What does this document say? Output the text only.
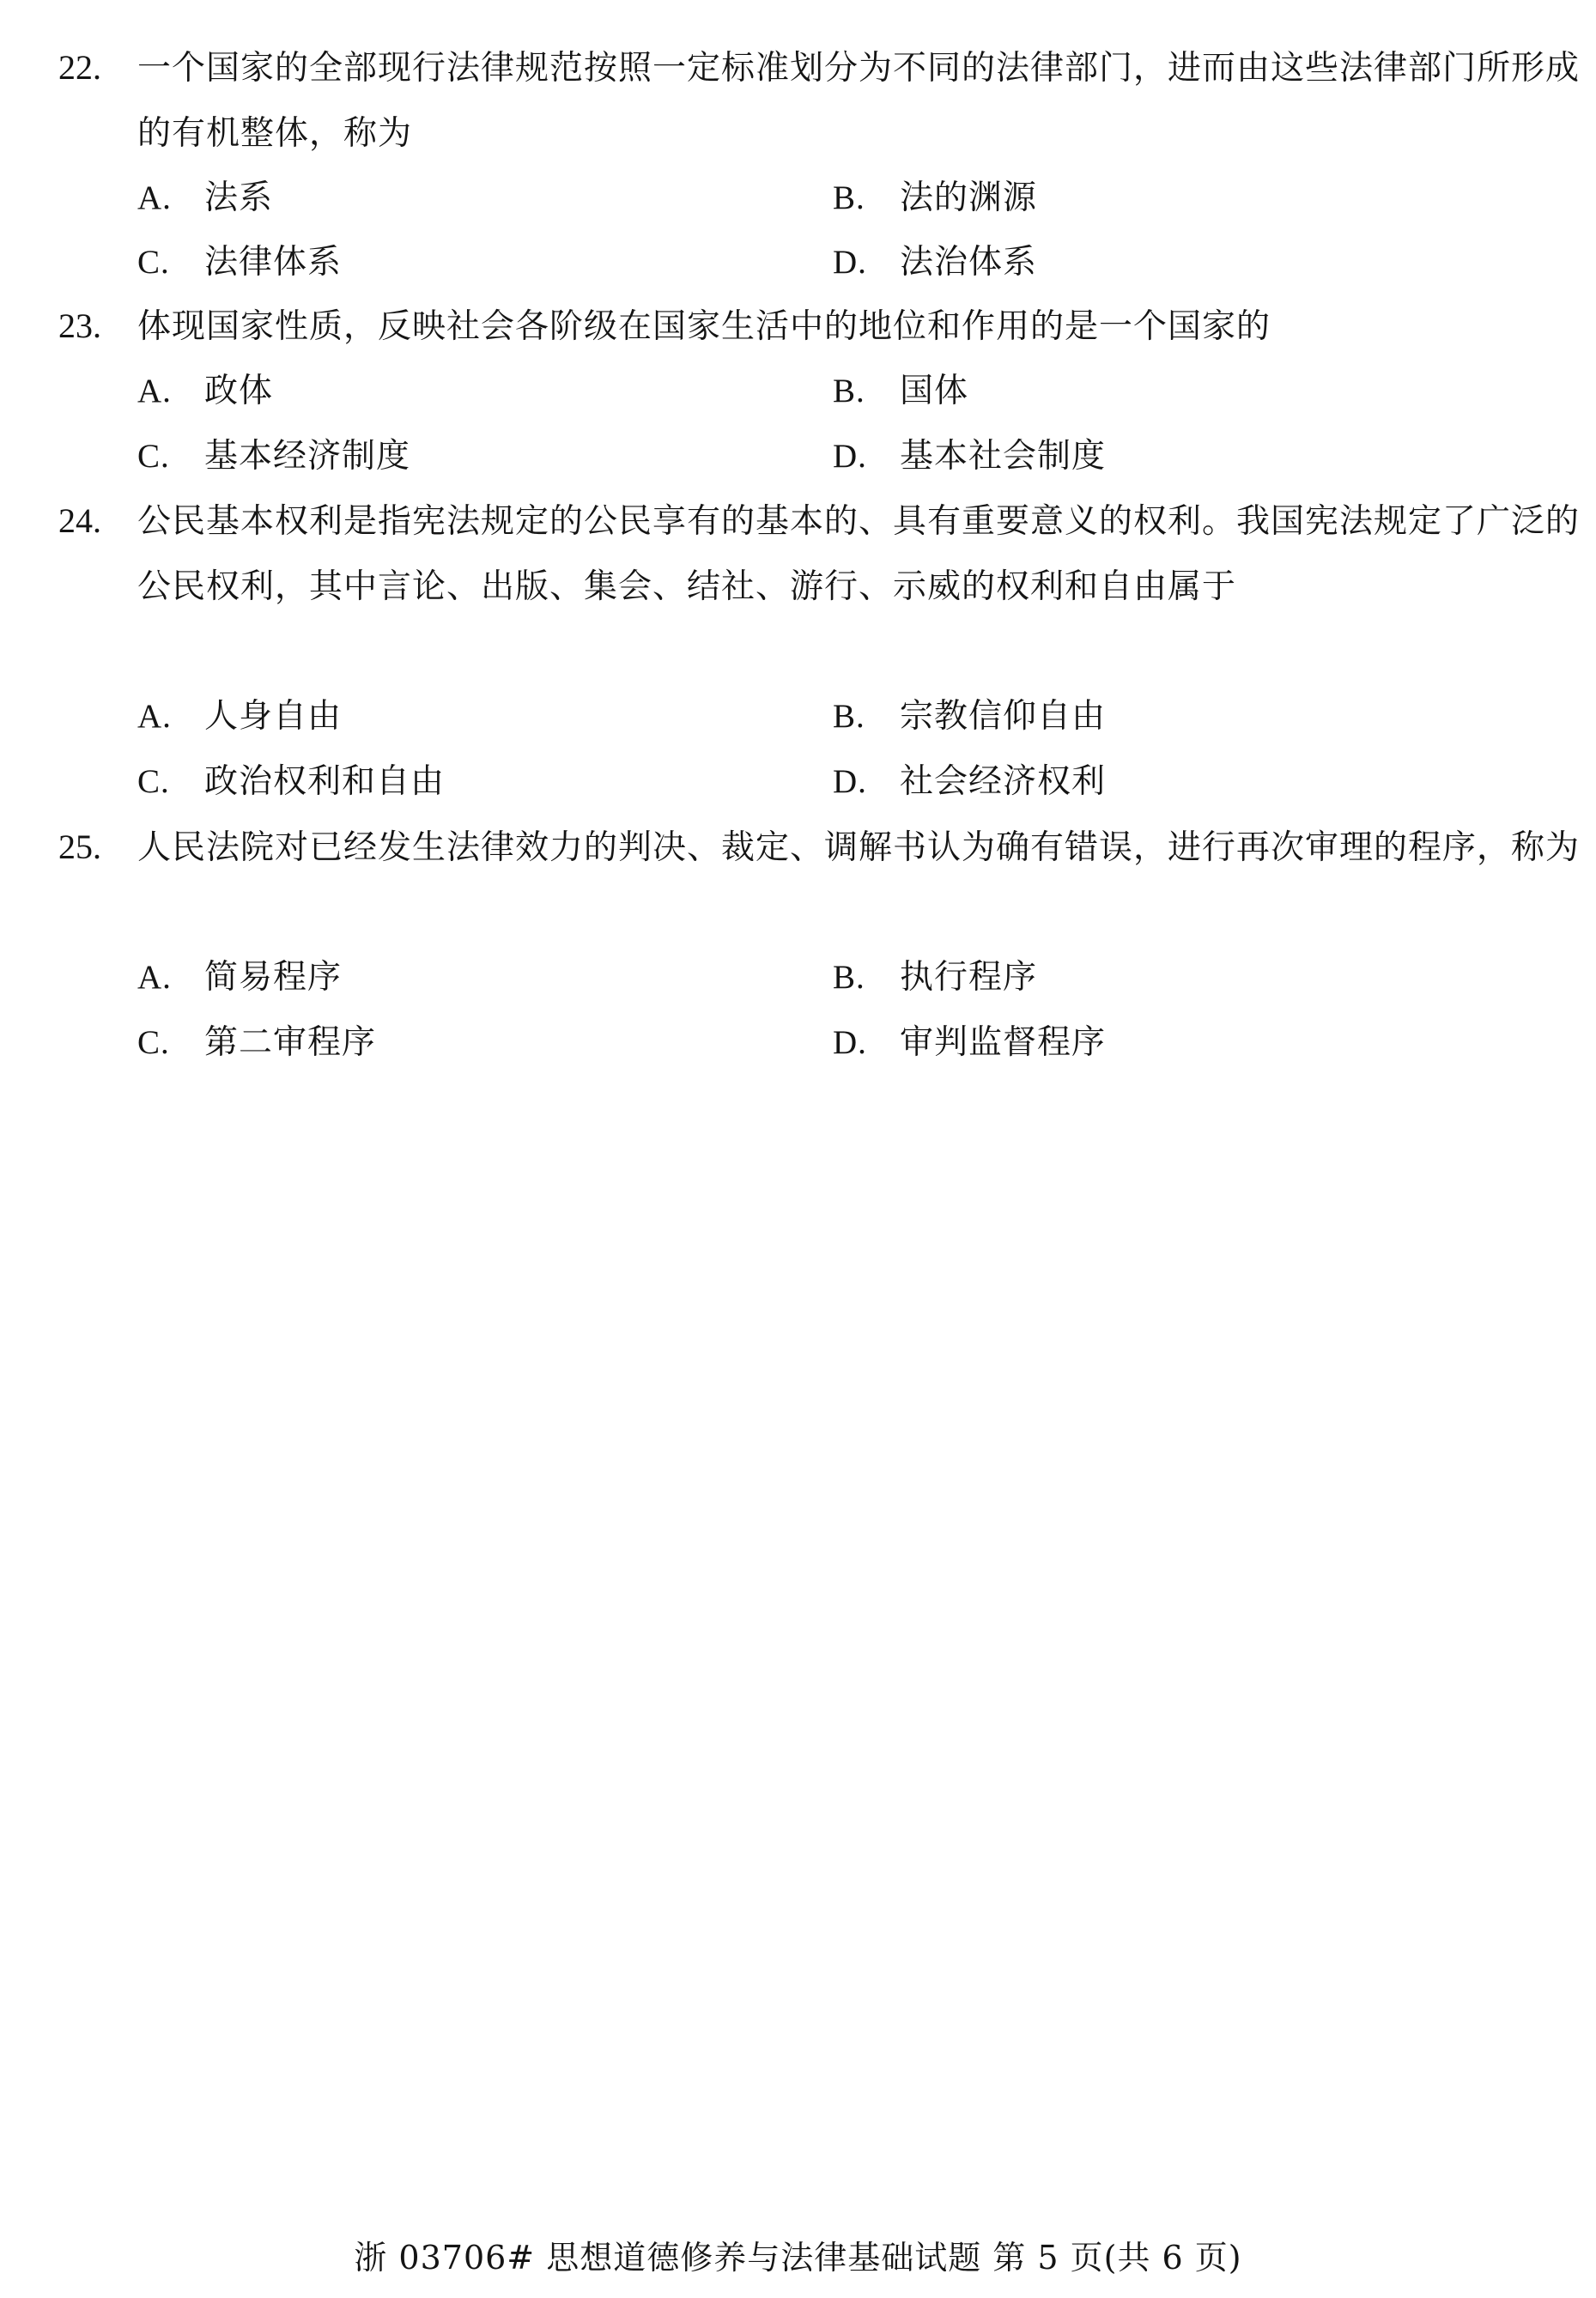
22. 一个国家的全部现行法律规范按照一定标准划分为不同的法律部门，进而由这些法律部门所形成的有机整体，称为
A. 法系	B. 法的渊源
C. 法律体系	D. 法治体系
23. 体现国家性质，反映社会各阶级在国家生活中的地位和作用的是一个国家的
A. 政体	B. 国体
C. 基本经济制度	D. 基本社会制度
24. 公民基本权利是指宪法规定的公民享有的基本的、具有重要意义的权利。我国宪法规定了广泛的公民权利，其中言论、出版、集会、结社、游行、示威的权利和自由属于
A. 人身自由	B. 宗教信仰自由
C. 政治权利和自由	D. 社会经济权利
25. 人民法院对已经发生法律效力的判决、裁定、调解书认为确有错误，进行再次审理的程序，称为
A. 简易程序	B. 执行程序
C. 第二审程序	D. 审判监督程序
浙 03706# 思想道德修养与法律基础试题 第 5 页(共 6 页)
